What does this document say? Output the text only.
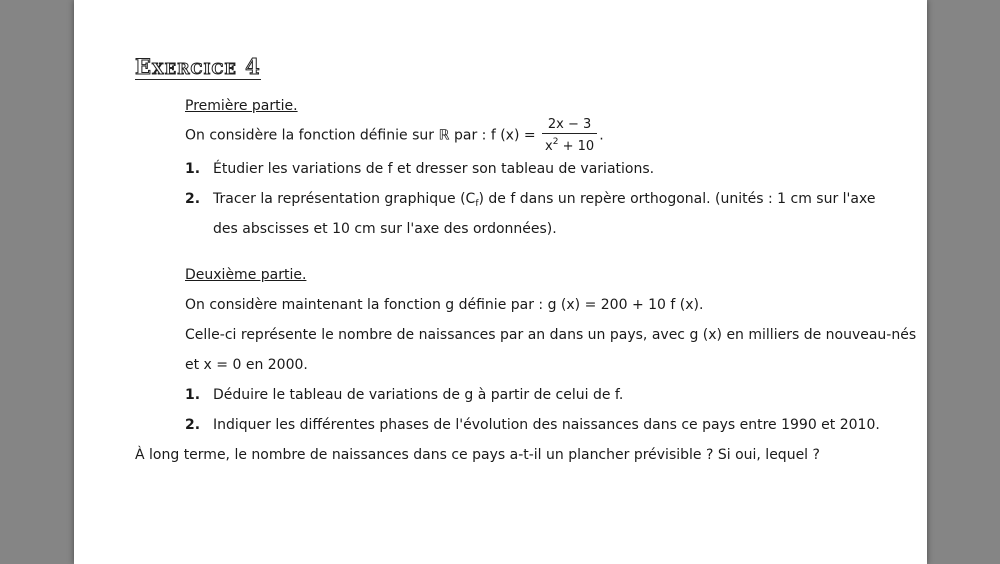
Exercice 4
Première partie.
On considère la fonction définie sur ℝ par : f $(x) = \frac{2x - 3}{x^2 + 10}$ .
1. Étudier les variations de f et dresser son tableau de variations.
2. Tracer la représentation graphique $(C_f)$ de f dans un repère orthogonal. (unités : 1 cm sur l'axe
des abscisses et 10 cm sur l'axe des ordonnées).
Deuxième partie.
On considère maintenant la fonction g définie par : g (x) = 200 + 10 f (x).
Celle-ci représente le nombre de naissances par an dans un pays, avec g (x) en milliers de nouveau-nés
et x = 0 en 2000.
1. Déduire le tableau de variations de g à partir de celui de f.
2. Indiquer les différentes phases de l'évolution des naissances dans ce pays entre 1990 et 2010.
À long terme, le nombre de naissances dans ce pays a-t-il un plancher prévisible ? Si oui, lequel ?
